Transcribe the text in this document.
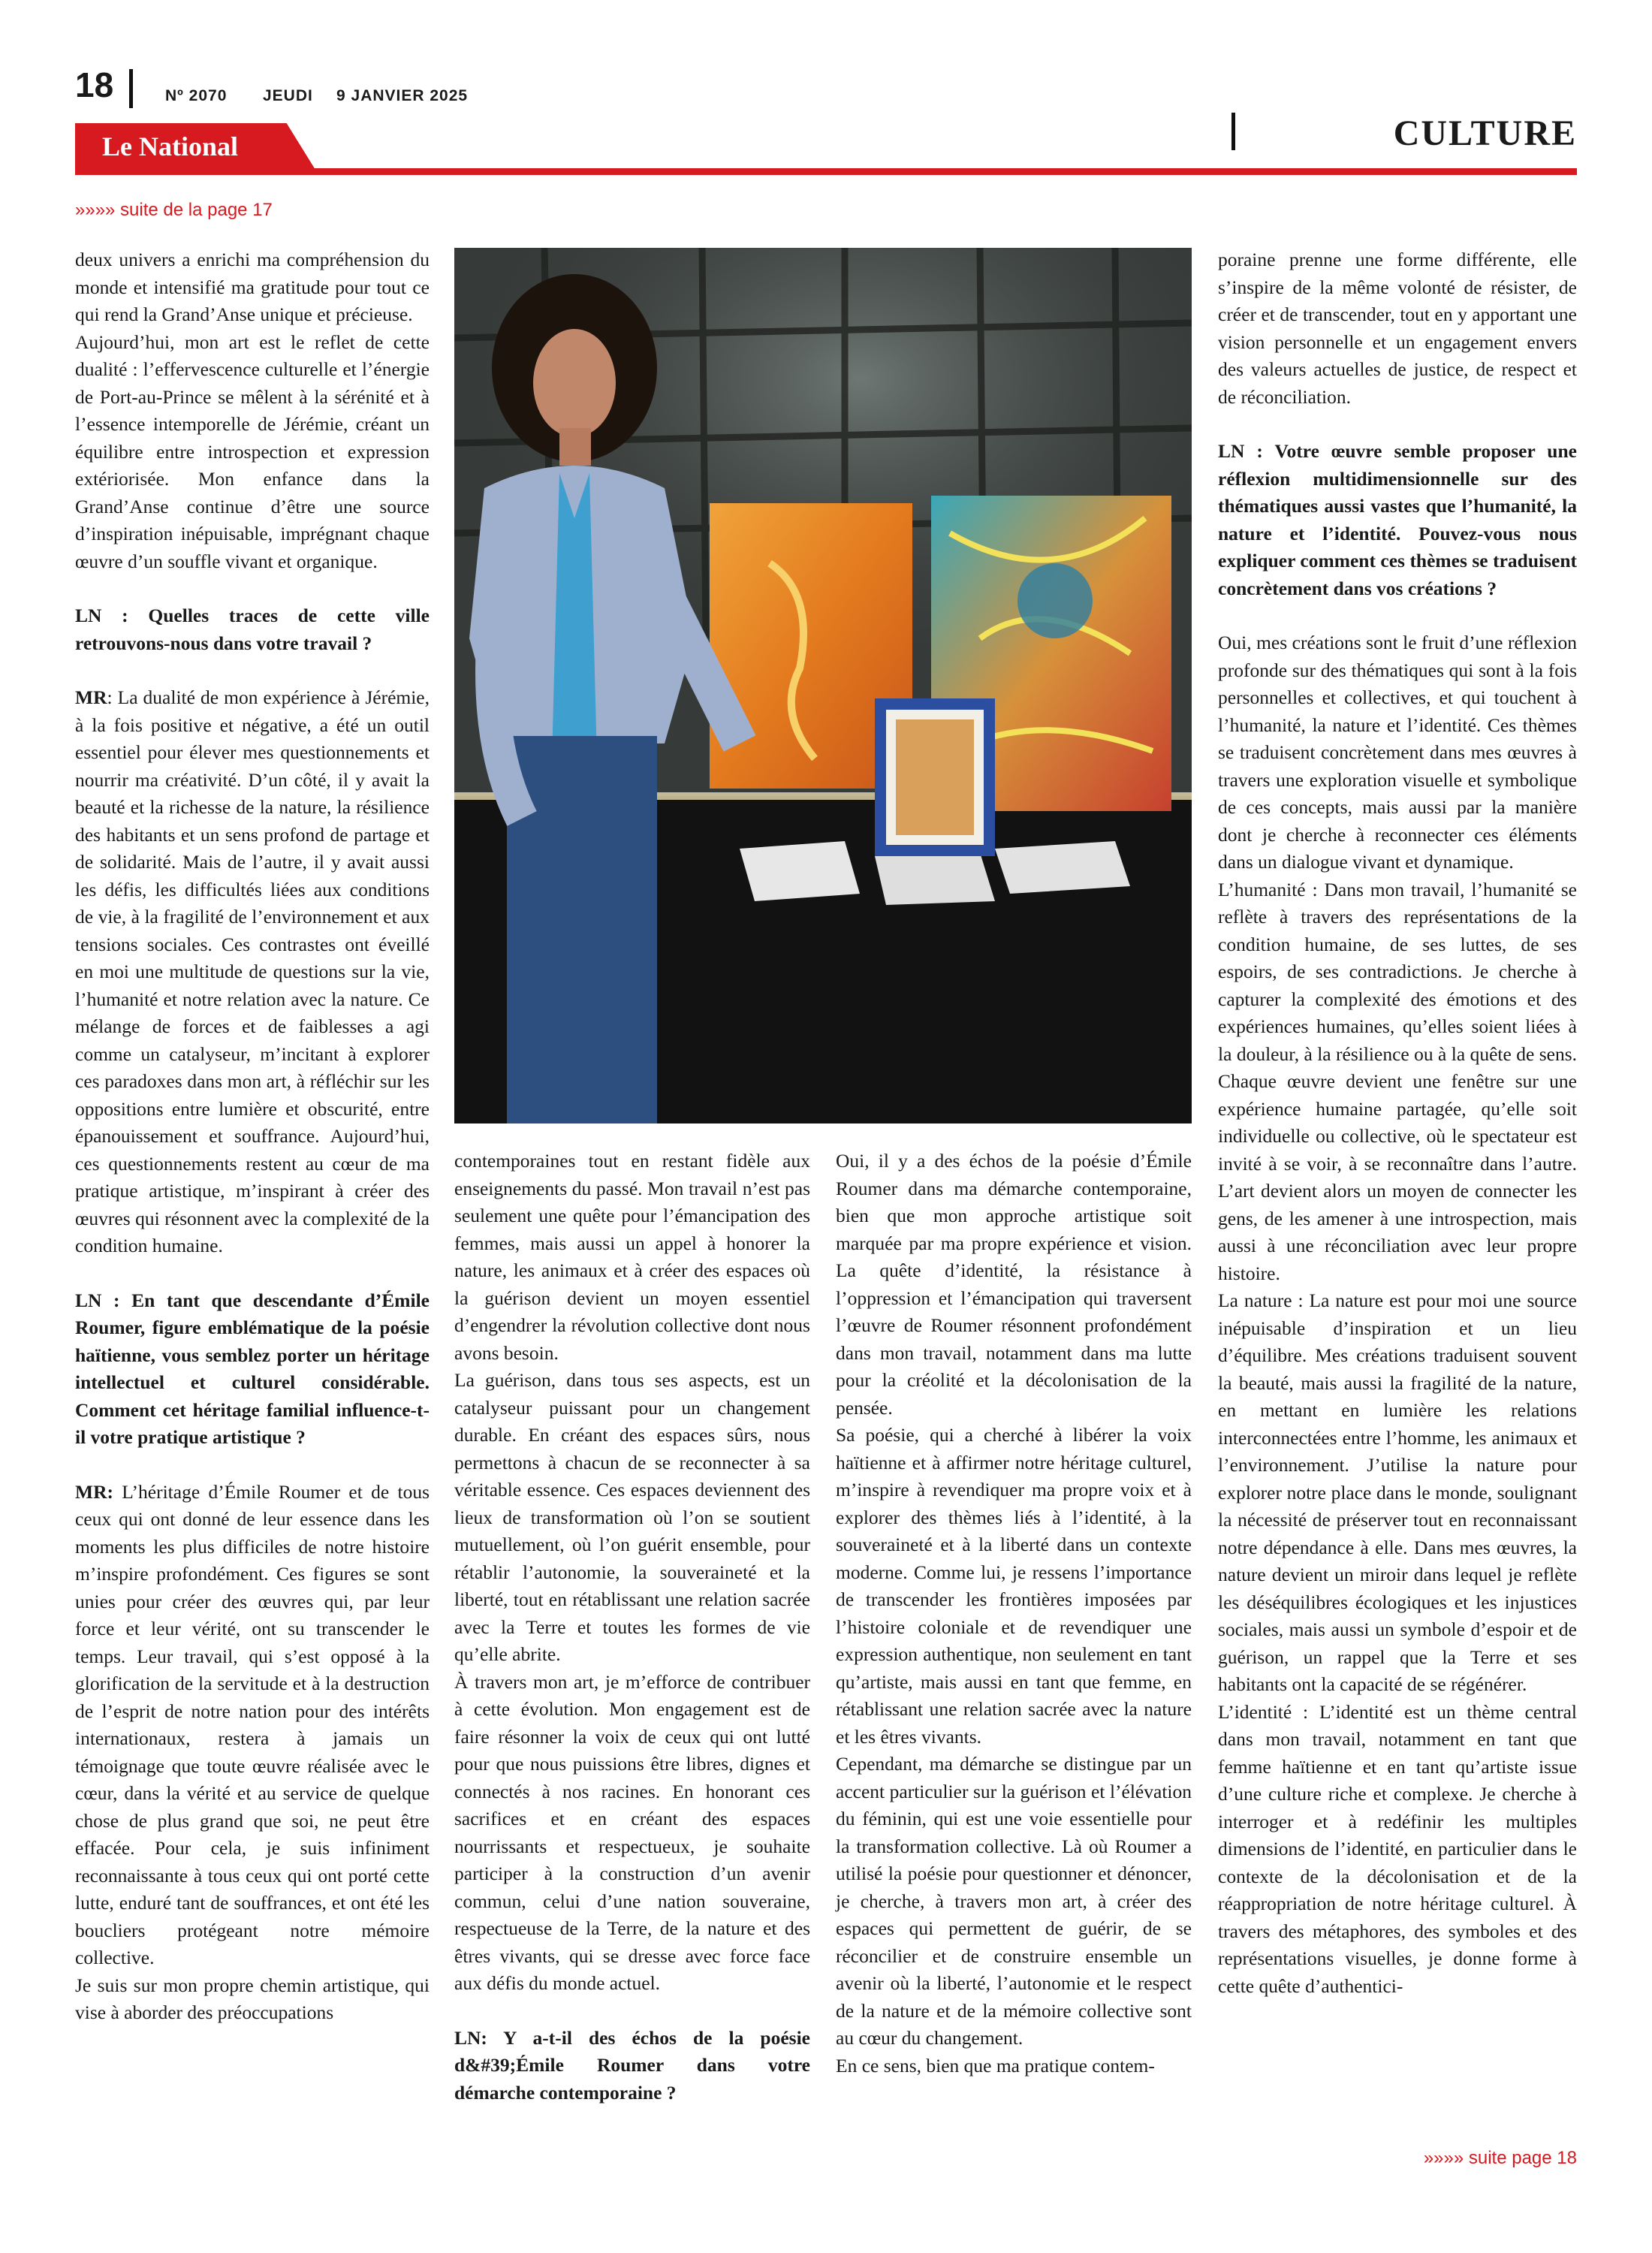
18	Nº 2070 JEUDI 9 JANVIER 2025
CULTURE
Le National
»»»» suite de la page 17

deux univers a enrichi ma compréhension du monde et intensifié ma gratitude pour tout ce qui rend la Grand’Anse unique et précieuse.

Aujourd’hui, mon art est le reflet de cette dualité : l’effervescence culturelle et l’énergie de Port-au-Prince se mêlent à la sérénité et à l’essence intemporelle de Jérémie, créant un équilibre entre introspection et expression extériorisée. Mon enfance dans la Grand’Anse continue d’être une source d’inspiration inépuisable, imprégnant chaque œuvre d’un souffle vivant et organique.

LN : Quelles traces de cette ville retrouvons-nous dans votre travail ?

MR: La dualité de mon expérience à Jérémie, à la fois positive et négative, a été un outil essentiel pour élever mes questionnements et nourrir ma créativité. D’un côté, il y avait la beauté et la richesse de la nature, la résilience des habitants et un sens profond de partage et de solidarité. Mais de l’autre, il y avait aussi les défis, les difficultés liées aux conditions de vie, à la fragilité de l’environnement et aux tensions sociales. Ces contrastes ont éveillé en moi une multitude de questions sur la vie, l’humanité et notre relation avec la nature. Ce mélange de forces et de faiblesses a agi comme un catalyseur, m’incitant à explorer ces paradoxes dans mon art, à réfléchir sur les oppositions entre lumière et obscurité, entre épanouissement et souffrance. Aujourd’hui, ces questionnements restent au cœur de ma pratique artistique, m’inspirant à créer des œuvres qui résonnent avec la complexité de la condition humaine.

LN : En tant que descendante d’Émile Roumer, figure emblématique de la poésie haïtienne, vous semblez porter un héritage intellectuel et culturel considérable. Comment cet héritage familial influence-t-il votre pratique artistique ?

MR: L’héritage d’Émile Roumer et de tous ceux qui ont donné de leur essence dans les moments les plus difficiles de notre histoire m’inspire profondément. Ces figures se sont unies pour créer des œuvres qui, par leur force et leur vérité, ont su transcender le temps. Leur travail, qui s’est opposé à la glorification de la servitude et à la destruction de l’esprit de notre nation pour des intérêts internationaux, restera à jamais un témoignage que toute œuvre réalisée avec le cœur, dans la vérité et au service de quelque chose de plus grand que soi, ne peut être effacée. Pour cela, je suis infiniment reconnaissante à tous ceux qui ont porté cette lutte, enduré tant de souffrances, et ont été les boucliers protégeant notre mémoire collective.

Je suis sur mon propre chemin artistique, qui vise à aborder des préoccupations

contemporaines tout en restant fidèle aux enseignements du passé. Mon travail n’est pas seulement une quête pour l’émancipation des femmes, mais aussi un appel à honorer la nature, les animaux et à créer des espaces où la guérison devient un moyen essentiel d’engendrer la révolution collective dont nous avons besoin.

La guérison, dans tous ses aspects, est un catalyseur puissant pour un changement durable. En créant des espaces sûrs, nous permettons à chacun de se reconnecter à sa véritable essence. Ces espaces deviennent des lieux de transformation où l’on se soutient mutuellement, où l’on guérit ensemble, pour rétablir l’autonomie, la souveraineté et la liberté, tout en rétablissant une relation sacrée avec la Terre et toutes les formes de vie qu’elle abrite.

À travers mon art, je m’efforce de contribuer à cette évolution. Mon engagement est de faire résonner la voix de ceux qui ont lutté pour que nous puissions être libres, dignes et connectés à nos racines. En honorant ces sacrifices et en créant des espaces nourrissants et respectueux, je souhaite participer à la construction d’un avenir commun, celui d’une nation souveraine, respectueuse de la Terre, de la nature et des êtres vivants, qui se dresse avec force face aux défis du monde actuel.

LN: Y a-t-il des échos de la poésie d&#39;Émile Roumer dans votre démarche contemporaine ?

Oui, il y a des échos de la poésie d’Émile Roumer dans ma démarche contemporaine, bien que mon approche artistique soit marquée par ma propre expérience et vision. La quête d’identité, la résistance à l’oppression et l’émancipation qui traversent l’œuvre de Roumer résonnent profondément dans mon travail, notamment dans ma lutte pour la créolité et la décolonisation de la pensée.

Sa poésie, qui a cherché à libérer la voix haïtienne et à affirmer notre héritage culturel, m’inspire à revendiquer ma propre voix et à explorer des thèmes liés à l’identité, à la souveraineté et à la liberté dans un contexte moderne. Comme lui, je ressens l’importance de transcender les frontières imposées par l’histoire coloniale et de revendiquer une expression authentique, non seulement en tant qu’artiste, mais aussi en tant que femme, en rétablissant une relation sacrée avec la nature et les êtres vivants.

Cependant, ma démarche se distingue par un accent particulier sur la guérison et l’élévation du féminin, qui est une voie essentielle pour la transformation collective. Là où Roumer a utilisé la poésie pour questionner et dénoncer, je cherche, à travers mon art, à créer des espaces qui permettent de guérir, de se réconcilier et de construire ensemble un avenir où la liberté, l’autonomie et le respect de la nature et de la mémoire collective sont au cœur du changement.

En ce sens, bien que ma pratique contem-

poraine prenne une forme différente, elle s’inspire de la même volonté de résister, de créer et de transcender, tout en y apportant une vision personnelle et un engagement envers des valeurs actuelles de justice, de respect et de réconciliation.

LN : Votre œuvre semble proposer une réflexion multidimensionnelle sur des thématiques aussi vastes que l’humanité, la nature et l’identité. Pouvez-vous nous expliquer comment ces thèmes se traduisent concrètement dans vos créations ?

Oui, mes créations sont le fruit d’une réflexion profonde sur des thématiques qui sont à la fois personnelles et collectives, et qui touchent à l’humanité, la nature et l’identité. Ces thèmes se traduisent concrètement dans mes œuvres à travers une exploration visuelle et symbolique de ces concepts, mais aussi par la manière dont je cherche à reconnecter ces éléments dans un dialogue vivant et dynamique.

L’humanité : Dans mon travail, l’humanité se reflète à travers des représentations de la condition humaine, de ses luttes, de ses espoirs, de ses contradictions. Je cherche à capturer la complexité des émotions et des expériences humaines, qu’elles soient liées à la douleur, à la résilience ou à la quête de sens. Chaque œuvre devient une fenêtre sur une expérience humaine partagée, qu’elle soit individuelle ou collective, où le spectateur est invité à se voir, à se reconnaître dans l’autre. L’art devient alors un moyen de connecter les gens, de les amener à une introspection, mais aussi à une réconciliation avec leur propre histoire.

La nature : La nature est pour moi une source inépuisable d’inspiration et un lieu d’équilibre. Mes créations traduisent souvent la beauté, mais aussi la fragilité de la nature, en mettant en lumière les relations interconnectées entre l’homme, les animaux et l’environnement. J’utilise la nature pour explorer notre place dans le monde, soulignant la nécessité de préserver tout en reconnaissant notre dépendance à elle. Dans mes œuvres, la nature devient un miroir dans lequel je reflète les déséquilibres écologiques et les injustices sociales, mais aussi un symbole d’espoir et de guérison, un rappel que la Terre et ses habitants ont la capacité de se régénérer.

L’identité : L’identité est un thème central dans mon travail, notamment en tant que femme haïtienne et en tant qu’artiste issue d’une culture riche et complexe. Je cherche à interroger et à redéfinir les multiples dimensions de l’identité, en particulier dans le contexte de la décolonisation et de la réappropriation de notre héritage culturel. À travers des métaphores, des symboles et des représentations visuelles, je donne forme à cette quête d’authentici-

»»»» suite page 18
